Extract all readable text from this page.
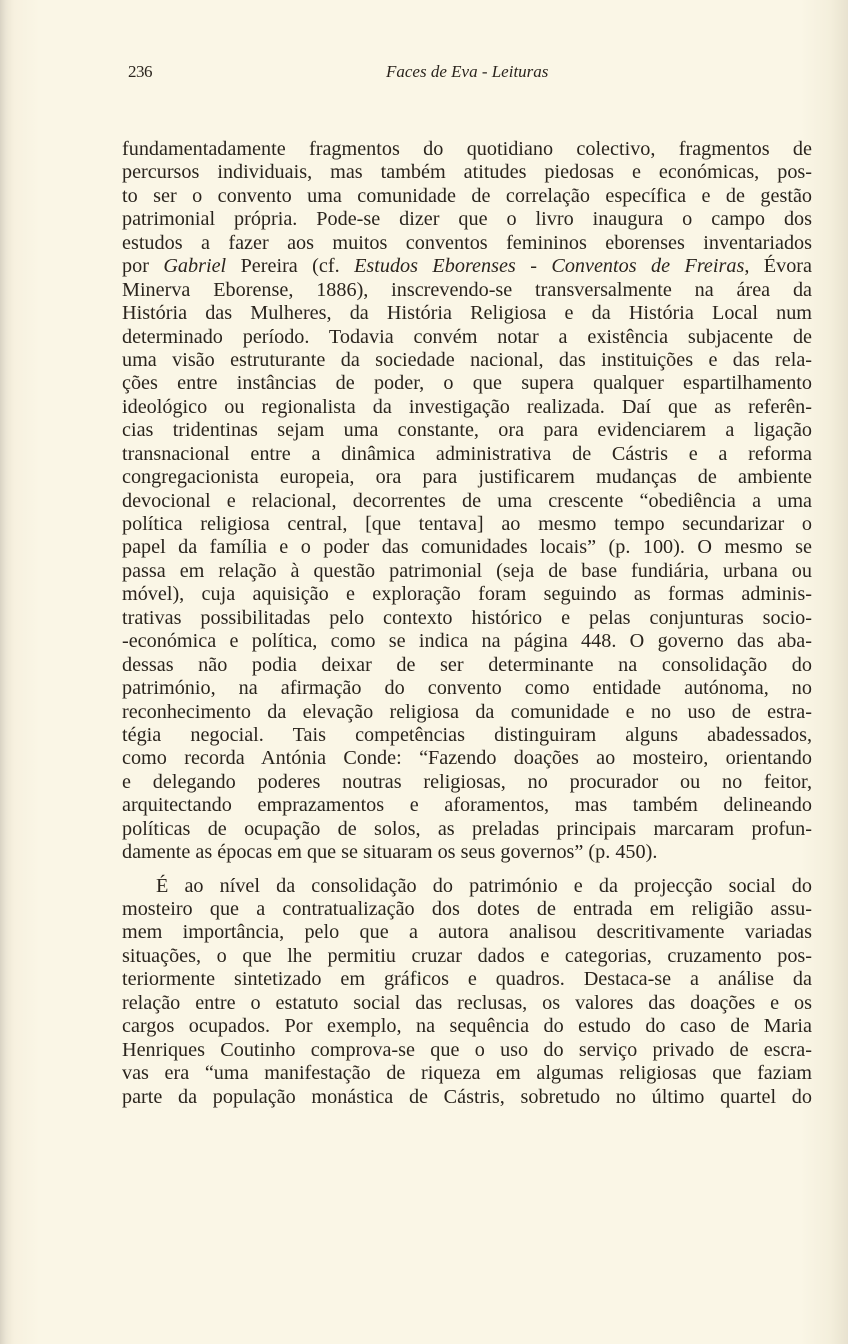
236	Faces de Eva - Leituras
fundamentadamente fragmentos do quotidiano colectivo, fragmentos de
percursos individuais, mas também atitudes piedosas e económicas, pos-
to ser o convento uma comunidade de correlação específica e de gestão
patrimonial própria. Pode-se dizer que o livro inaugura o campo dos
estudos a fazer aos muitos conventos femininos eborenses inventariados
por Gabriel Pereira (cf. Estudos Eborenses - Conventos de Freiras, Évora
Minerva Eborense, 1886), inscrevendo-se transversalmente na área da
História das Mulheres, da História Religiosa e da História Local num
determinado período. Todavia convém notar a existência subjacente de
uma visão estruturante da sociedade nacional, das instituições e das rela-
ções entre instâncias de poder, o que supera qualquer espartilhamento
ideológico ou regionalista da investigação realizada. Daí que as referên-
cias tridentinas sejam uma constante, ora para evidenciarem a ligação
transnacional entre a dinâmica administrativa de Cástris e a reforma
congregacionista europeia, ora para justificarem mudanças de ambiente
devocional e relacional, decorrentes de uma crescente “obediência a uma
política religiosa central, [que tentava] ao mesmo tempo secundarizar o
papel da família e o poder das comunidades locais” (p. 100). O mesmo se
passa em relação à questão patrimonial (seja de base fundiária, urbana ou
móvel), cuja aquisição e exploração foram seguindo as formas adminis-
trativas possibilitadas pelo contexto histórico e pelas conjunturas socio-
-económica e política, como se indica na página 448. O governo das aba-
dessas não podia deixar de ser determinante na consolidação do
património, na afirmação do convento como entidade autónoma, no
reconhecimento da elevação religiosa da comunidade e no uso de estra-
tégia negocial. Tais competências distinguiram alguns abadessados,
como recorda Antónia Conde: “Fazendo doações ao mosteiro, orientando
e delegando poderes noutras religiosas, no procurador ou no feitor,
arquitectando emprazamentos e aforamentos, mas também delineando
políticas de ocupação de solos, as preladas principais marcaram profun-
damente as épocas em que se situaram os seus governos” (p. 450).
É ao nível da consolidação do património e da projecção social do
mosteiro que a contratualização dos dotes de entrada em religião assu-
mem importância, pelo que a autora analisou descritivamente variadas
situações, o que lhe permitiu cruzar dados e categorias, cruzamento pos-
teriormente sintetizado em gráficos e quadros. Destaca-se a análise da
relação entre o estatuto social das reclusas, os valores das doações e os
cargos ocupados. Por exemplo, na sequência do estudo do caso de Maria
Henriques Coutinho comprova-se que o uso do serviço privado de escra-
vas era “uma manifestação de riqueza em algumas religiosas que faziam
parte da população monástica de Cástris, sobretudo no último quartel do
